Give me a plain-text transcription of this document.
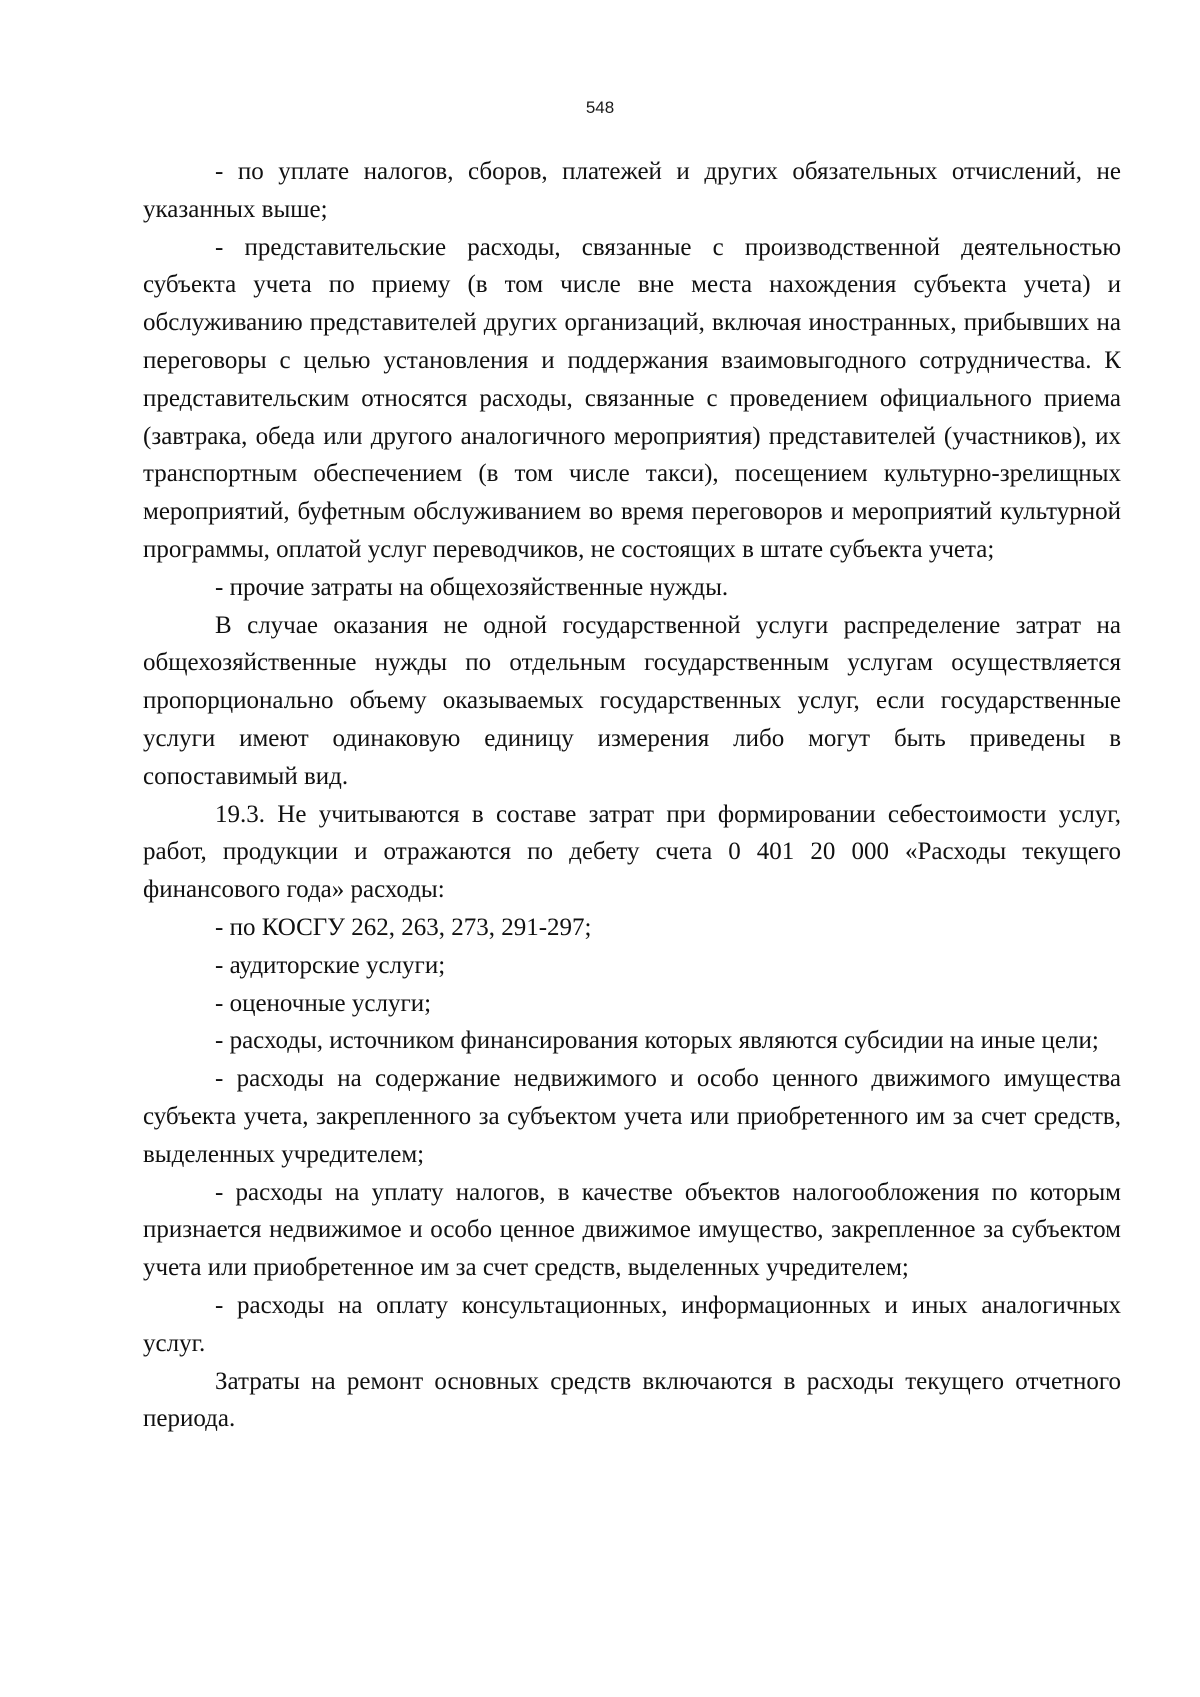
548

- по уплате налогов, сборов, платежей и других обязательных отчислений, не указанных выше;

- представительские расходы, связанные с производственной деятельностью субъекта учета по приему (в том числе вне места нахождения субъекта учета) и обслуживанию представителей других организаций, включая иностранных, прибывших на переговоры с целью установления и поддержания взаимовыгодного сотрудничества. К представительским относятся расходы, связанные с проведением официального приема (завтрака, обеда или другого аналогичного мероприятия) представителей (участников), их транспортным обеспечением (в том числе такси), посещением культурно-зрелищных мероприятий, буфетным обслуживанием во время переговоров и мероприятий культурной программы, оплатой услуг переводчиков, не состоящих в штате субъекта учета;

- прочие затраты на общехозяйственные нужды.

В случае оказания не одной государственной услуги распределение затрат на общехозяйственные нужды по отдельным государственным услугам осуществляется пропорционально объему оказываемых государственных услуг, если государственные услуги имеют одинаковую единицу измерения либо могут быть приведены в сопоставимый вид.

19.3. Не учитываются в составе затрат при формировании себестоимости услуг, работ, продукции и отражаются по дебету счета 0 401 20 000 «Расходы текущего финансового года» расходы:

- по КОСГУ 262, 263, 273, 291-297;

- аудиторские услуги;

- оценочные услуги;

- расходы, источником финансирования которых являются субсидии на иные цели;

- расходы на содержание недвижимого и особо ценного движимого имущества субъекта учета, закрепленного за субъектом учета или приобретенного им за счет средств, выделенных учредителем;

- расходы на уплату налогов, в качестве объектов налогообложения по которым признается недвижимое и особо ценное движимое имущество, закрепленное за субъектом учета или приобретенное им за счет средств, выделенных учредителем;

- расходы на оплату консультационных, информационных и иных аналогичных услуг.

Затраты на ремонт основных средств включаются в расходы текущего отчетного периода.
